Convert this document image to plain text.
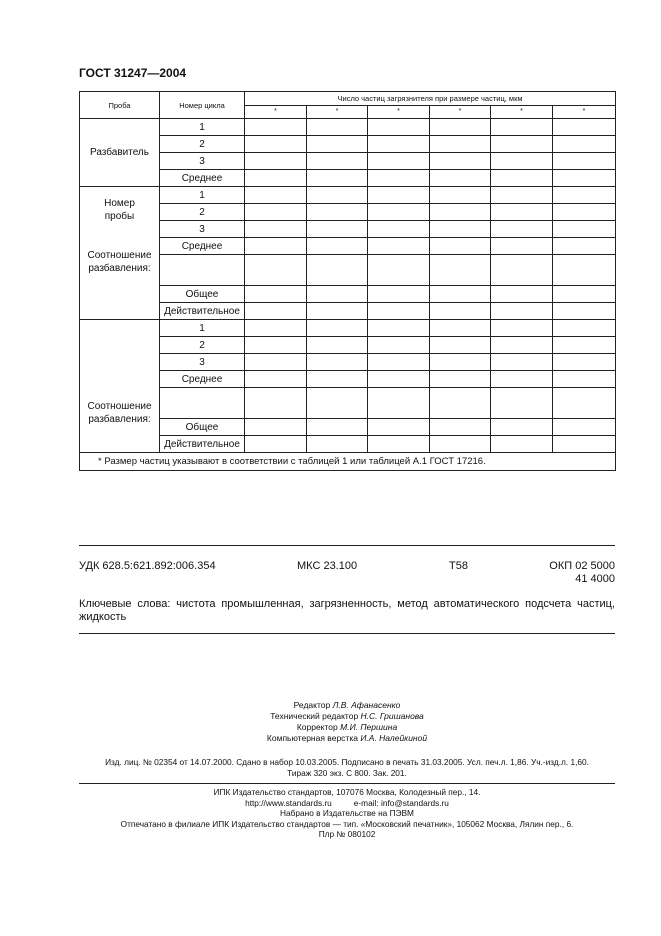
ГОСТ 31247—2004
Проба	Номер цикла	Число частиц загрязнителя при размере частиц, мкм					
		*	*	*	*	*	*
Разбавитель	1						
	2						
	3						
	Среднее						

Номер пробы
Соотношение разбавления:	1						
	2						
	3						
	Среднее						

	Общее						
	Действительное						

Соотношение разбавления:	1						
	2						
	3						
	Среднее						

	Общее						
	Действительное						
* Размер частиц указывают в соответствии с таблицей 1 или таблицей А.1 ГОСТ 17216.							
УДК 628.5:621.892:006.354	МКС 23.100	Т58	ОКП 02 5000
41 4000
Ключевые слова: чистота промышленная, загрязненность, метод автоматического подсчета частиц, жидкость
Редактор Л.В. Афанасенко
Технический редактор Н.С. Гришанова
Корректор М.И. Першина
Компьютерная верстка И.А. Налейкиной
Изд. лиц. № 02354 от 14.07.2000. Сдано в набор 10.03.2005. Подписано в печать 31.03.2005. Усл. печ.л. 1,86. Уч.-изд.л. 1,60.
Тираж 320 экз. С 800. Зак. 201.
ИПК Издательство стандартов, 107076 Москва, Колодезный пер., 14.
http://www.standards.ru	e-mail: info@standards.ru
Набрано в Издательстве на ПЭВМ
Отпечатано в филиале ИПК Издательство стандартов — тип. «Московский печатник», 105062 Москва, Лялин пер., 6.
Плр № 080102
